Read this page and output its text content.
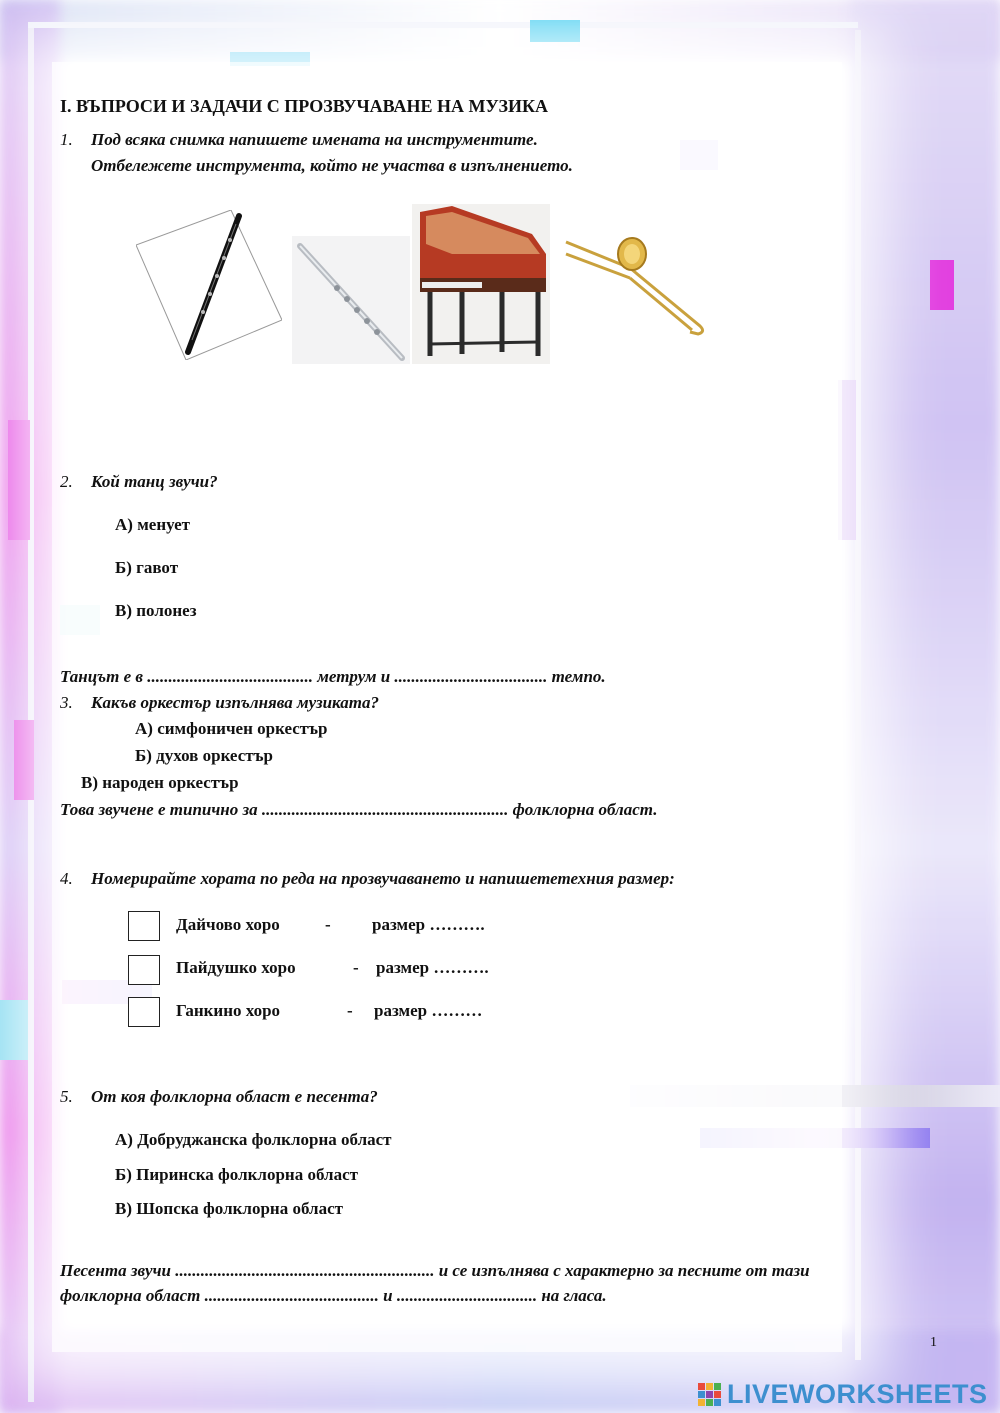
I. ВЪПРОСИ И ЗАДАЧИ С ПРОЗВУЧАВАНЕ НА МУЗИКА
1. Под всяка снимка напишете имената на инструментите.
Отбележете инструмента, който не участва в изпълнението.
2. Кой танц звучи?
А) менует
Б) гавот
В) полонез
Танцът е в ....................................... метрум и .................................... темпо.
3. Какъв оркестър изпълнява музиката?
А) симфоничен оркестър
Б) духов оркестър
В) народен оркестър
Това звучене е типично за .......................................................... фолклорна област.
4. Номерирайте хората по реда на прозвучаването и напишететехния размер:
Дайчово хоро	- размер ……….
Пайдушко хоро	- размер ……….
Ганкино хоро	- размер ………
5. От коя фолклорна област е песента?
А) Добруджанска фолклорна област
Б) Пиринска фолклорна област
В) Шопска фолклорна област
Песента звучи ............................................................. и се изпълнява с характерно за песните от тази
фолклорна област ......................................... и ................................. на гласа.
1
LIVEWORKSHEETS
